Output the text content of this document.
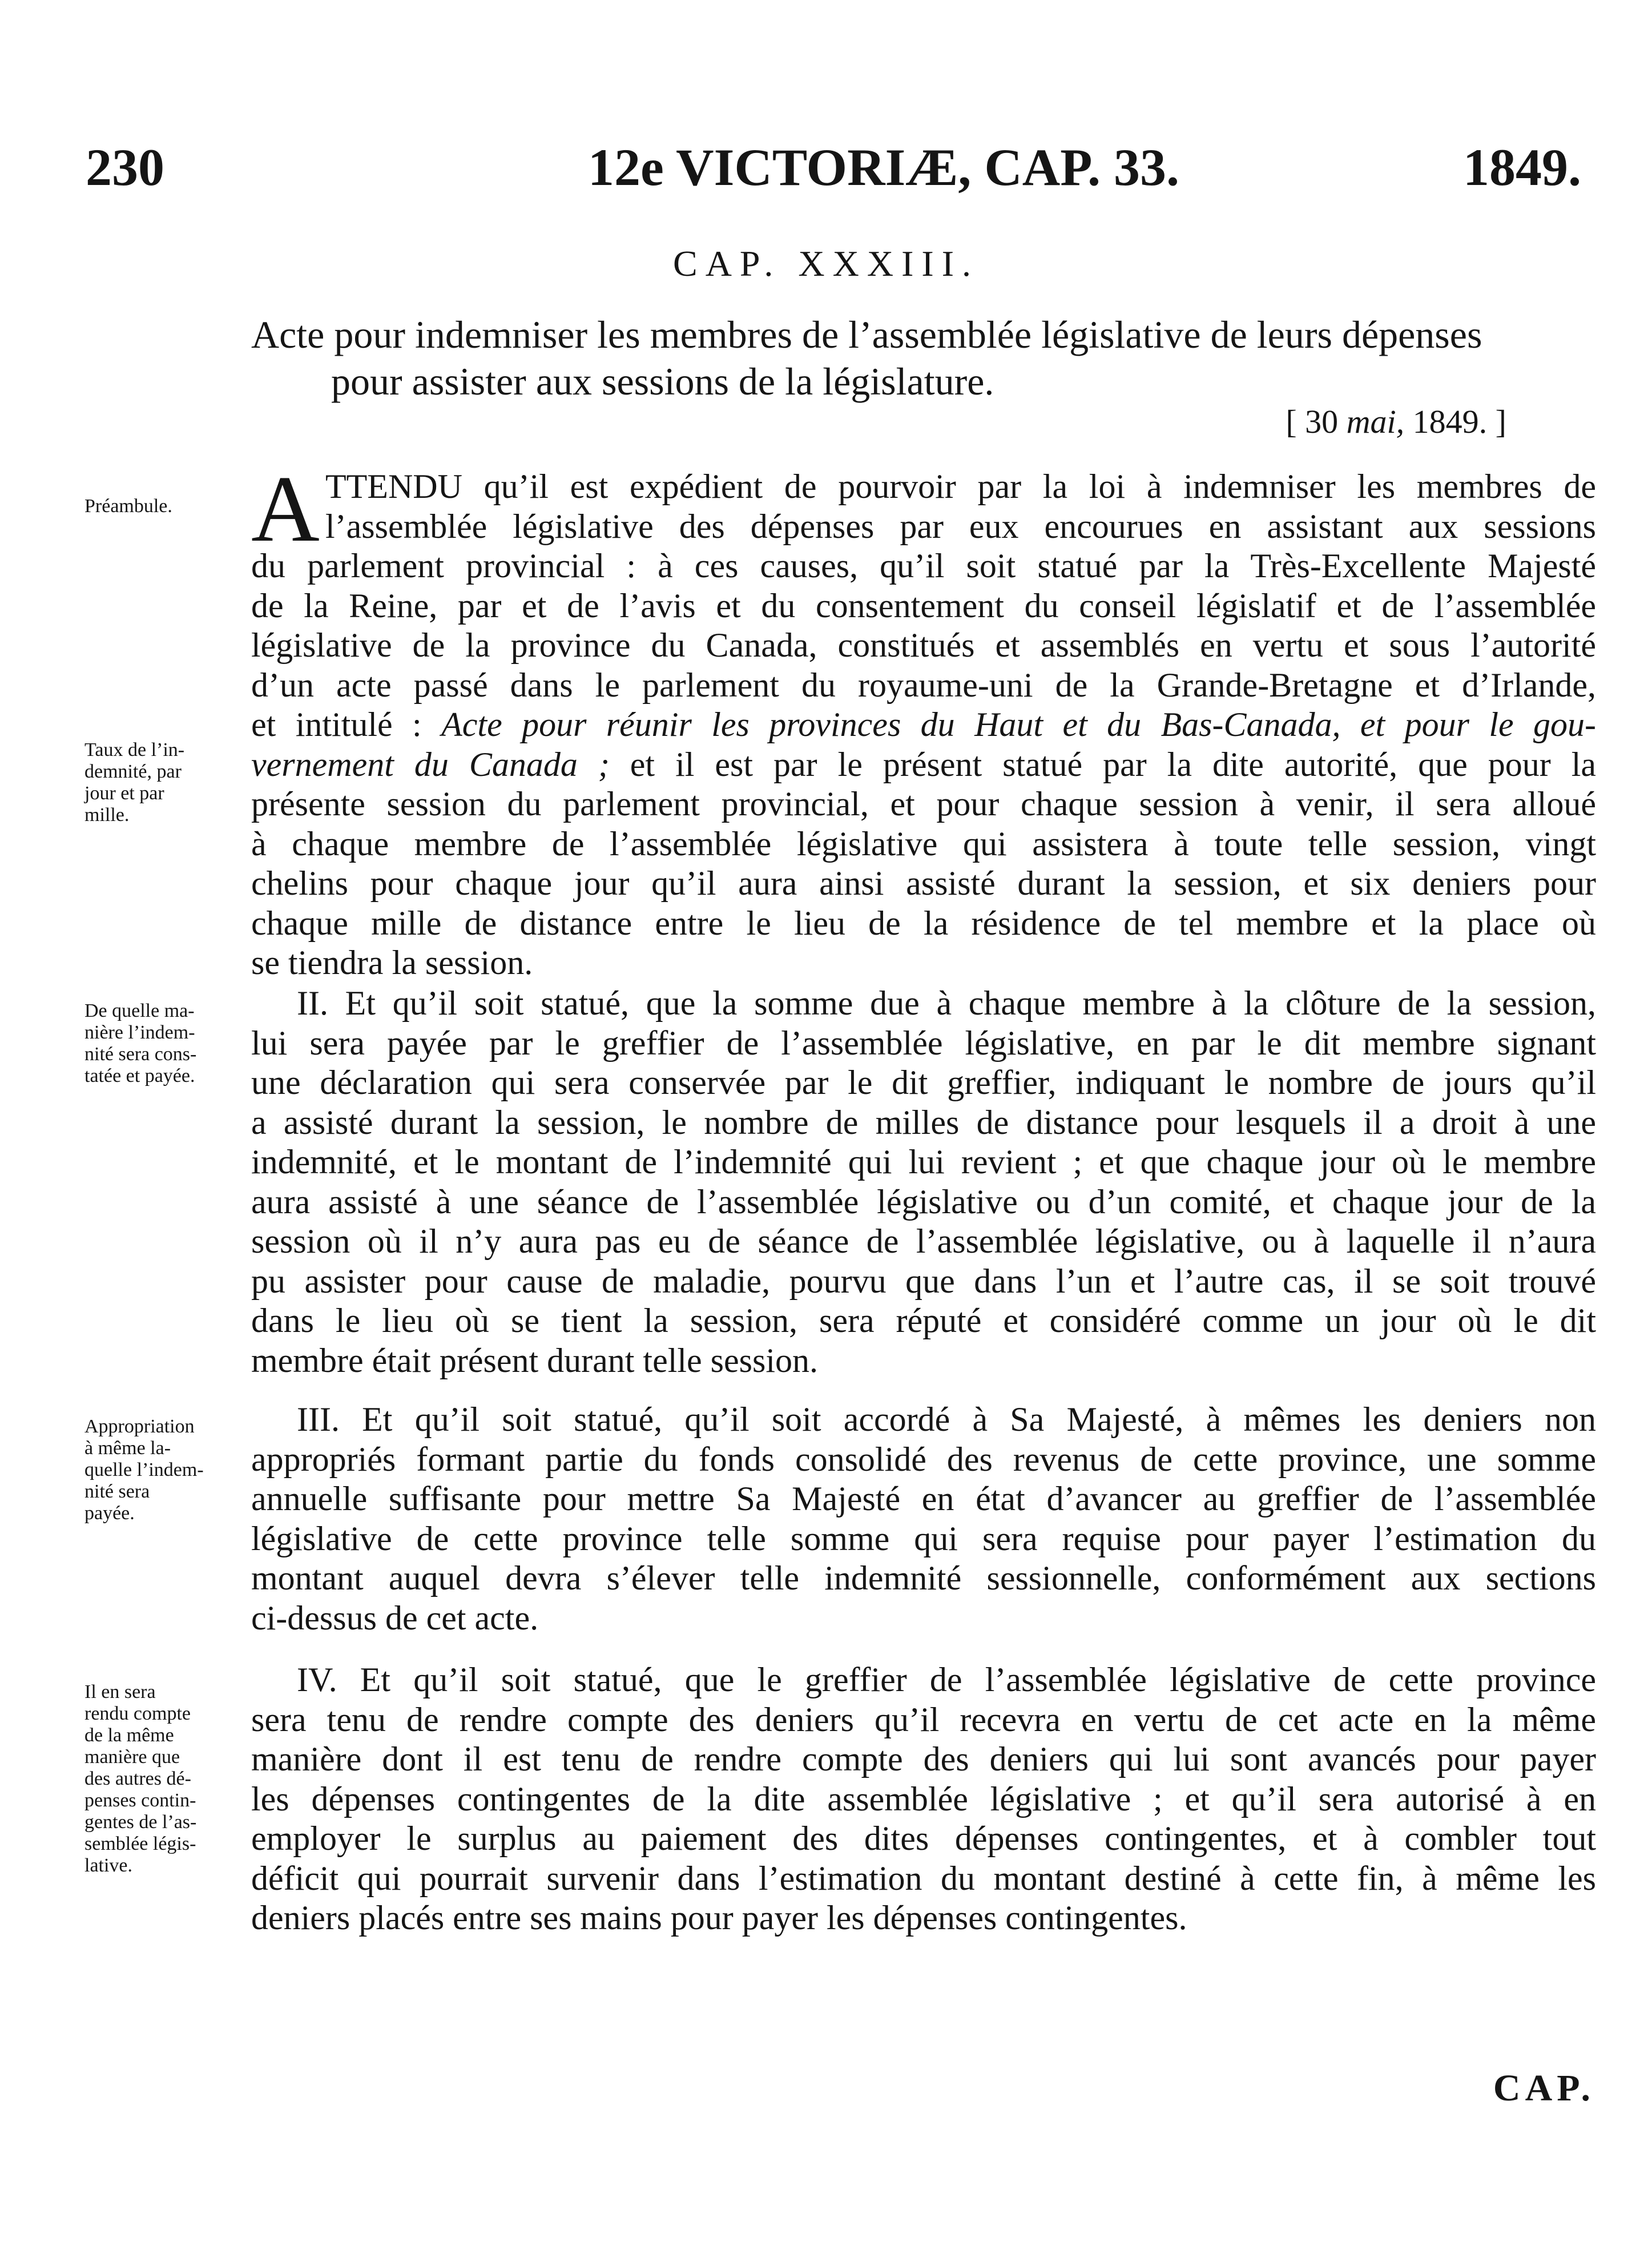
230	12e VICTORIÆ, CAP. 33.	1849.
CAP. XXXIII.

Acte pour indemniser les membres de l’assemblée législative de leurs dépenses

pour assister aux sessions de la législature.

[ 30 mai, 1849. ]
Préambule.
Taux de l’in-
demnité, par
jour et par
mille.
De quelle ma-
nière l’indem-
nité sera cons-
tatée et payée.
Appropriation
à même la-
quelle l’indem-
nité sera
payée.
Il en sera
rendu compte
de la même
manière que
des autres dé-
penses contin-
gentes de l’as-
semblée légis-
lative.
A TTENDU qu’il est expédient de pourvoir par la loi à indemniser les membres de
l’assemblée législative des dépenses par eux encourues en assistant aux sessions
du parlement provincial : à ces causes, qu’il soit statué par la Très-Excellente Majesté
de la Reine, par et de l’avis et du consentement du conseil législatif et de l’assemblée
législative de la province du Canada, constitués et assemblés en vertu et sous l’autorité
d’un acte passé dans le parlement du royaume-uni de la Grande-Bretagne et d’Irlande,
et intitulé : Acte pour réunir les provinces du Haut et du Bas-Canada, et pour le gou-
vernement du Canada ; et il est par le présent statué par la dite autorité, que pour la
présente session du parlement provincial, et pour chaque session à venir, il sera alloué
à chaque membre de l’assemblée législative qui assistera à toute telle session, vingt
chelins pour chaque jour qu’il aura ainsi assisté durant la session, et six deniers pour
chaque mille de distance entre le lieu de la résidence de tel membre et la place où
se tiendra la session.
II. Et qu’il soit statué, que la somme due à chaque membre à la clôture de la session,
lui sera payée par le greffier de l’assemblée législative, en par le dit membre signant
une déclaration qui sera conservée par le dit greffier, indiquant le nombre de jours qu’il
a assisté durant la session, le nombre de milles de distance pour lesquels il a droit à une
indemnité, et le montant de l’indemnité qui lui revient ; et que chaque jour où le membre
aura assisté à une séance de l’assemblée législative ou d’un comité, et chaque jour de la
session où il n’y aura pas eu de séance de l’assemblée législative, ou à laquelle il n’aura
pu assister pour cause de maladie, pourvu que dans l’un et l’autre cas, il se soit trouvé
dans le lieu où se tient la session, sera réputé et considéré comme un jour où le dit
membre était présent durant telle session.
III. Et qu’il soit statué, qu’il soit accordé à Sa Majesté, à mêmes les deniers non
appropriés formant partie du fonds consolidé des revenus de cette province, une somme
annuelle suffisante pour mettre Sa Majesté en état d’avancer au greffier de l’assemblée
législative de cette province telle somme qui sera requise pour payer l’estimation du
montant auquel devra s’élever telle indemnité sessionnelle, conformément aux sections
ci-dessus de cet acte.
IV. Et qu’il soit statué, que le greffier de l’assemblée législative de cette province
sera tenu de rendre compte des deniers qu’il recevra en vertu de cet acte en la même
manière dont il est tenu de rendre compte des deniers qui lui sont avancés pour payer
les dépenses contingentes de la dite assemblée législative ; et qu’il sera autorisé à en
employer le surplus au paiement des dites dépenses contingentes, et à combler tout
déficit qui pourrait survenir dans l’estimation du montant destiné à cette fin, à même les
deniers placés entre ses mains pour payer les dépenses contingentes.
CAP.
